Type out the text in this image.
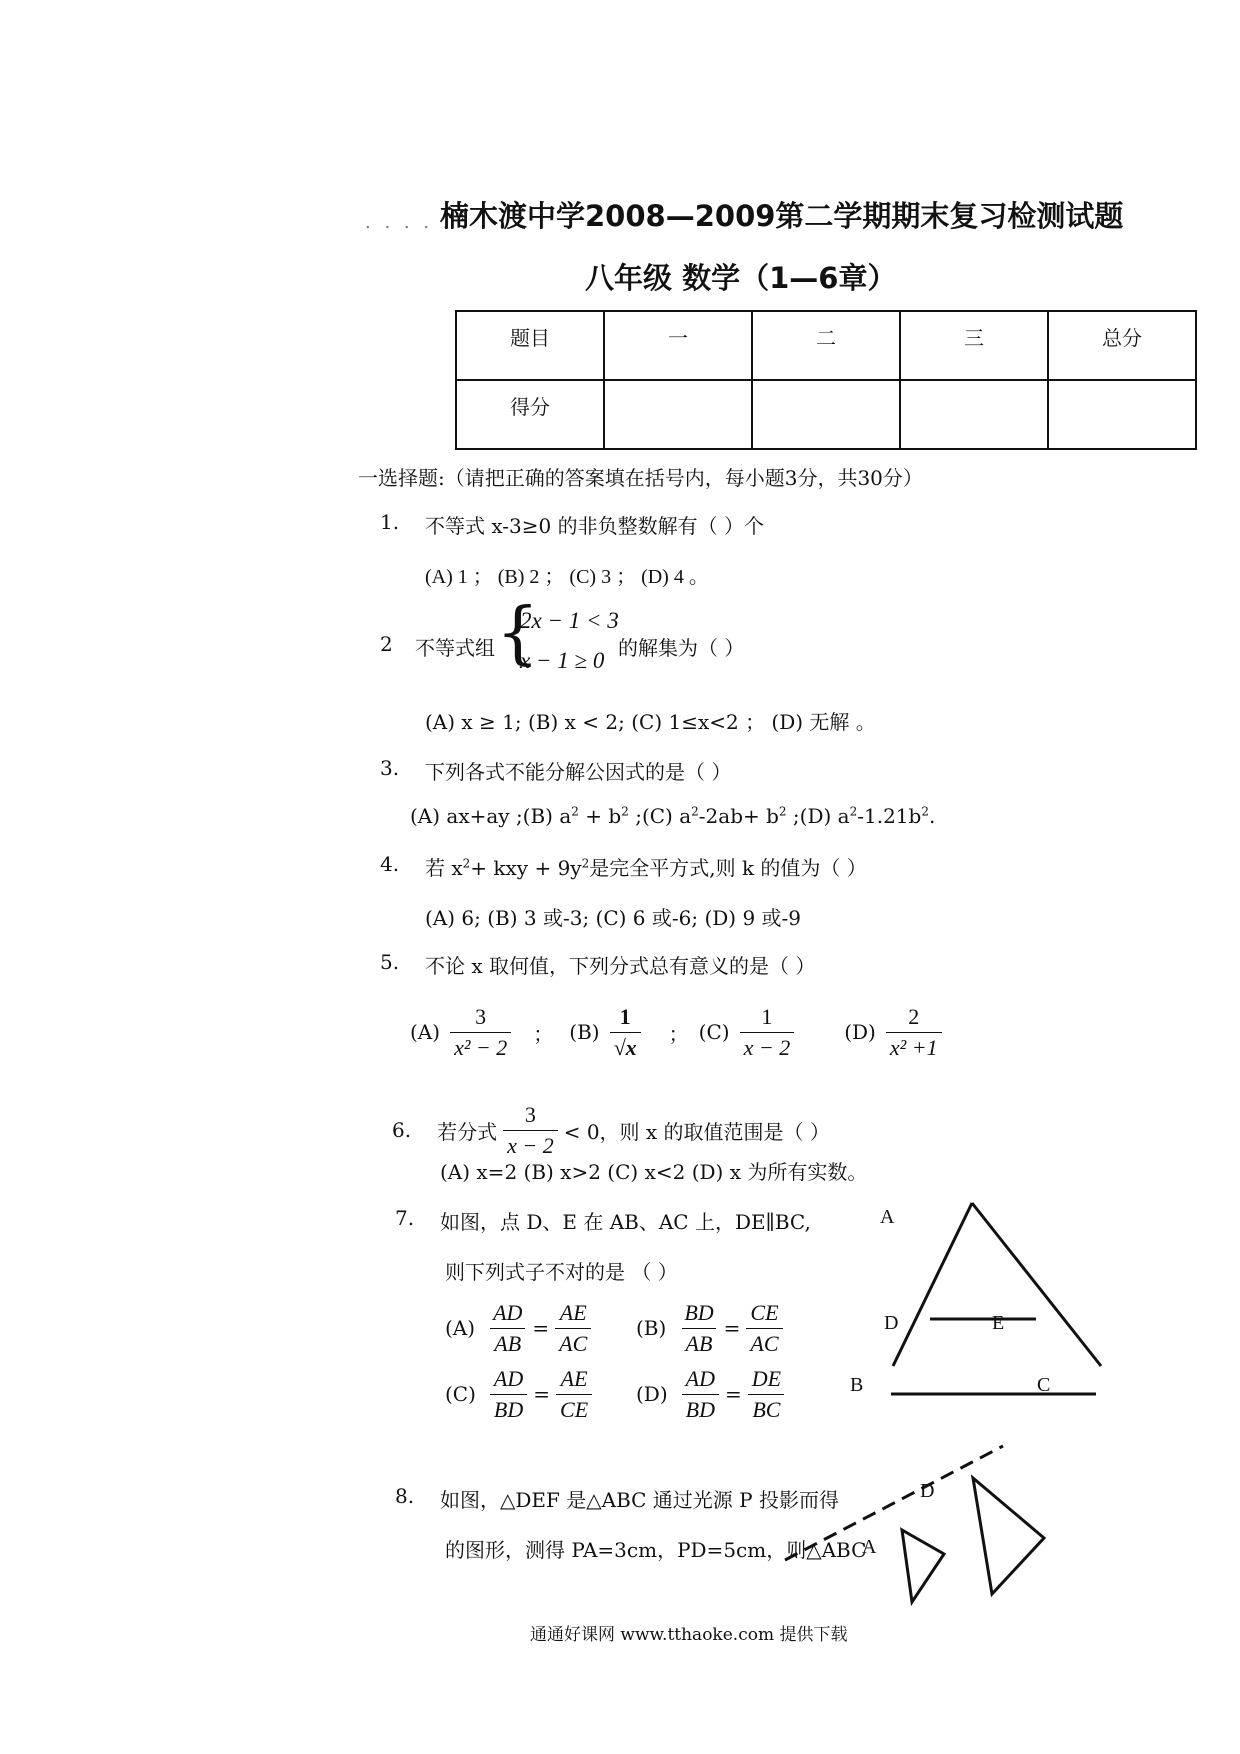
. . . . .
楠木渡中学2008—2009第二学期期末复习检测试题
八年级 数学（1—6章）
题目	一	二	三	总分
得分				
一选择题:（请把正确的答案填在括号内，每小题3分，共30分）
1. 不等式 x-3≥0 的非负整数解有（ ）个
(A) 1 ； (B) 2 ； (C) 3 ； (D) 4 。
2 不等式组 {
2x − 1 < 3
x − 1 ≥ 0 的解集为（ ）
(A) x ≥ 1; (B) x < 2; (C) 1≤x<2 ； (D) 无解 。
3. 下列各式不能分解公因式的是（ ）
(A) ax+ay ;(B) $a^2 + b^2$ ;(C) $a^2-2ab+ b^2$ ;(D) $a^2-1.21b^2$.
4. 若 $x^2+$ kxy + $9y^2$是完全平方式,则 k 的值为（ ）
(A) 6; (B) 3 或-3; (C) 6 或-6; (D) 9 或-9
5. 不论 x 取何值，下列分式总有意义的是（ ）
$(A) \frac{3}{\text{x² − 2}}$ ； $(B) \frac{1}{√x}$ ； $(C) \frac{1}{x - 2}$	$(D) \frac{2}{\text{x² +1}}$
6. 若分式 $\frac{3}{x - 2} < 0$，则 x 的取值范围是（ ）
(A) x=2 (B) x>2 (C) x<2 (D) x 为所有实数。
7. 如图，点 D、E 在 AB、AC 上，DE∥BC,
则下列式子不对的是 （ ）
$(A) \frac{AD}{AB} = \frac{AE}{AC} (B) \frac{BD}{AB} = \frac{CE}{AC}$
$(C) \frac{AD}{BD} = \frac{AE}{CE} (D) \frac{AD}{BD} = \frac{DE}{BC}$
A
D	E
B	C
8. 如图，△DEF 是△ABC 通过光源 P 投影而得
的图形，测得 PA=3cm，PD=5cm，则△ABC
D
A
通通好课网 www.tthaoke.com 提供下载
